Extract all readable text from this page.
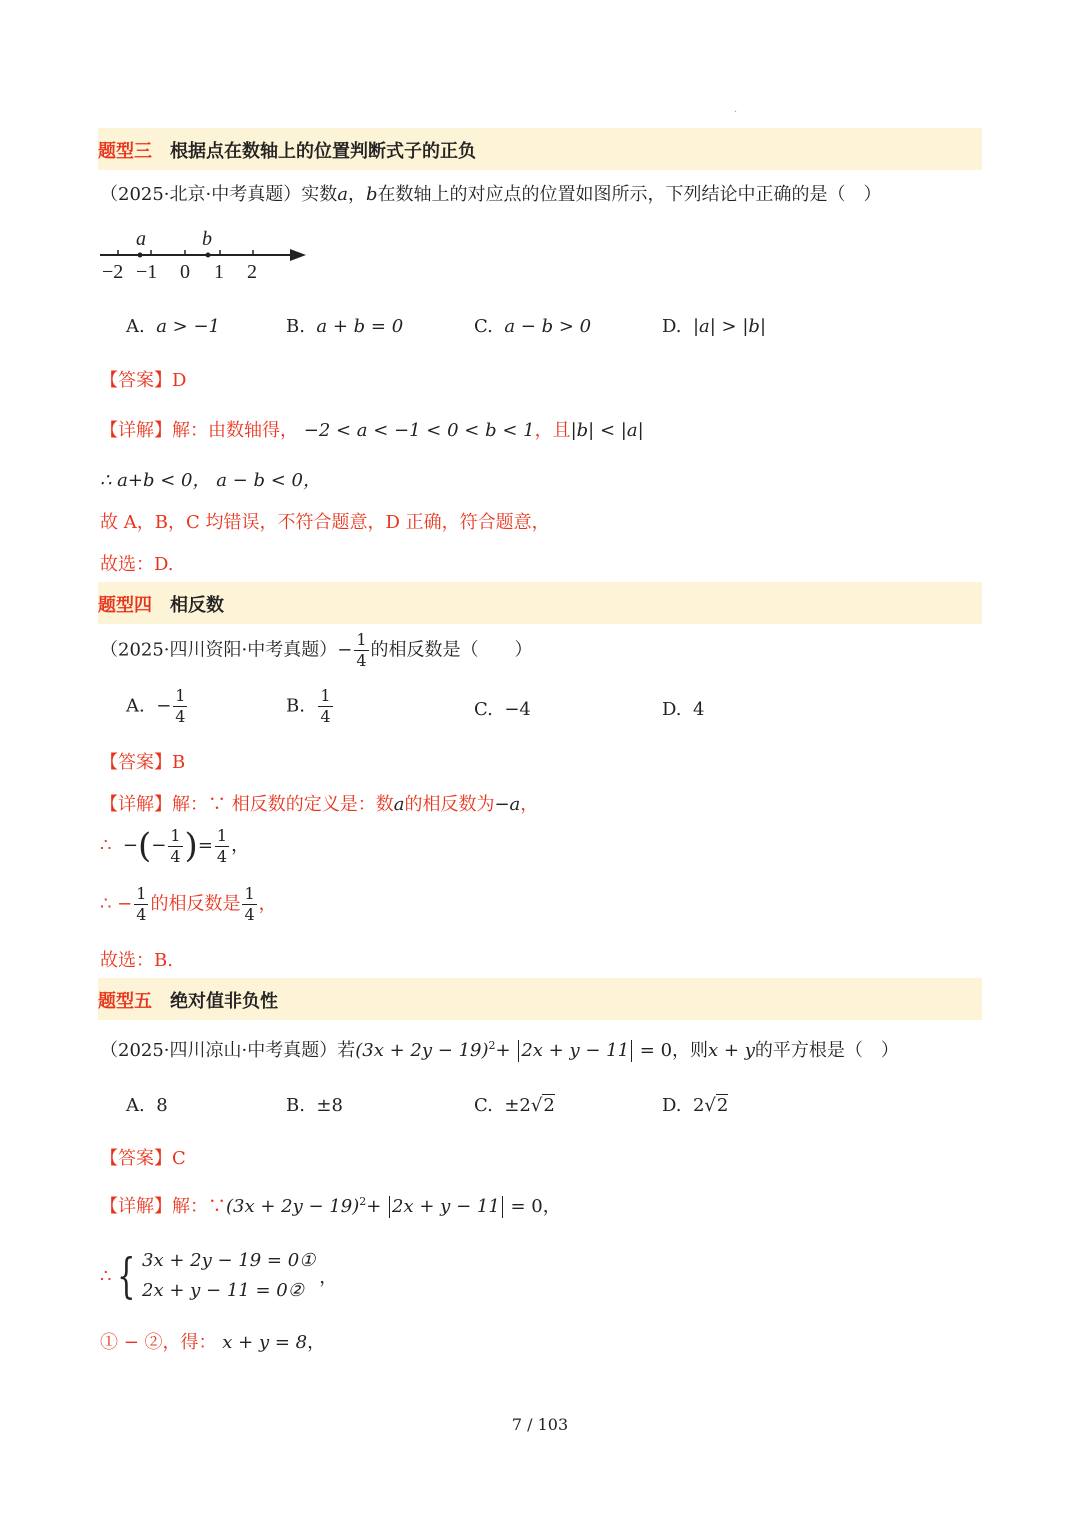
.
题型三 根据点在数轴上的位置判断式子的正负
（2025·北京·中考真题）实数a，b在数轴上的对应点的位置如图所示，下列结论中正确的是（　）
a	b
−2 −1 0 1 2
A. a > −1	B. a + b = 0	C. a − b > 0	D. |a| > |b|
【答案】D
【详解】解：由数轴得， −2 < a < −1 < 0 < b < 1，且|b| < |a|
∴ a+b < 0， a − b < 0，
故 A，B，C 均错误，不符合题意，D 正确，符合题意，
故选：D.
题型四 相反数
（2025·四川资阳·中考真题）− $\frac{1}{4}$ 的相反数是（　　）
A. − $\frac{1}{4}$	B. $\frac{1}{4}$	C. −4	D. 4
【答案】B
【详解】解：∵ 相反数的定义是：数a的相反数为−a，
∴ −(− $\frac{1}{4}$ )= $\frac{1}{4}$ ，
∴ − $\frac{1}{4}$ 的相反数是 $\frac{1}{4}$ ，
故选：B.
题型五 绝对值非负性
（2025·四川凉山·中考真题）若$(3x + 2y - 19)^2+ 2x + y - 11 = 0$，则x + y的平方根是（　）
A. 8	B. ±8	C. ±2√2	D. 2√2
【答案】C
【详解】解：∵(3x + 2y − 19)$^2$+ 2x + y − 11 = 0，
∴ { 3x + 2y − 19 = 0①
2x + y − 11 = 0②
，
① − ②，得： x + y = 8，
7 / 103
